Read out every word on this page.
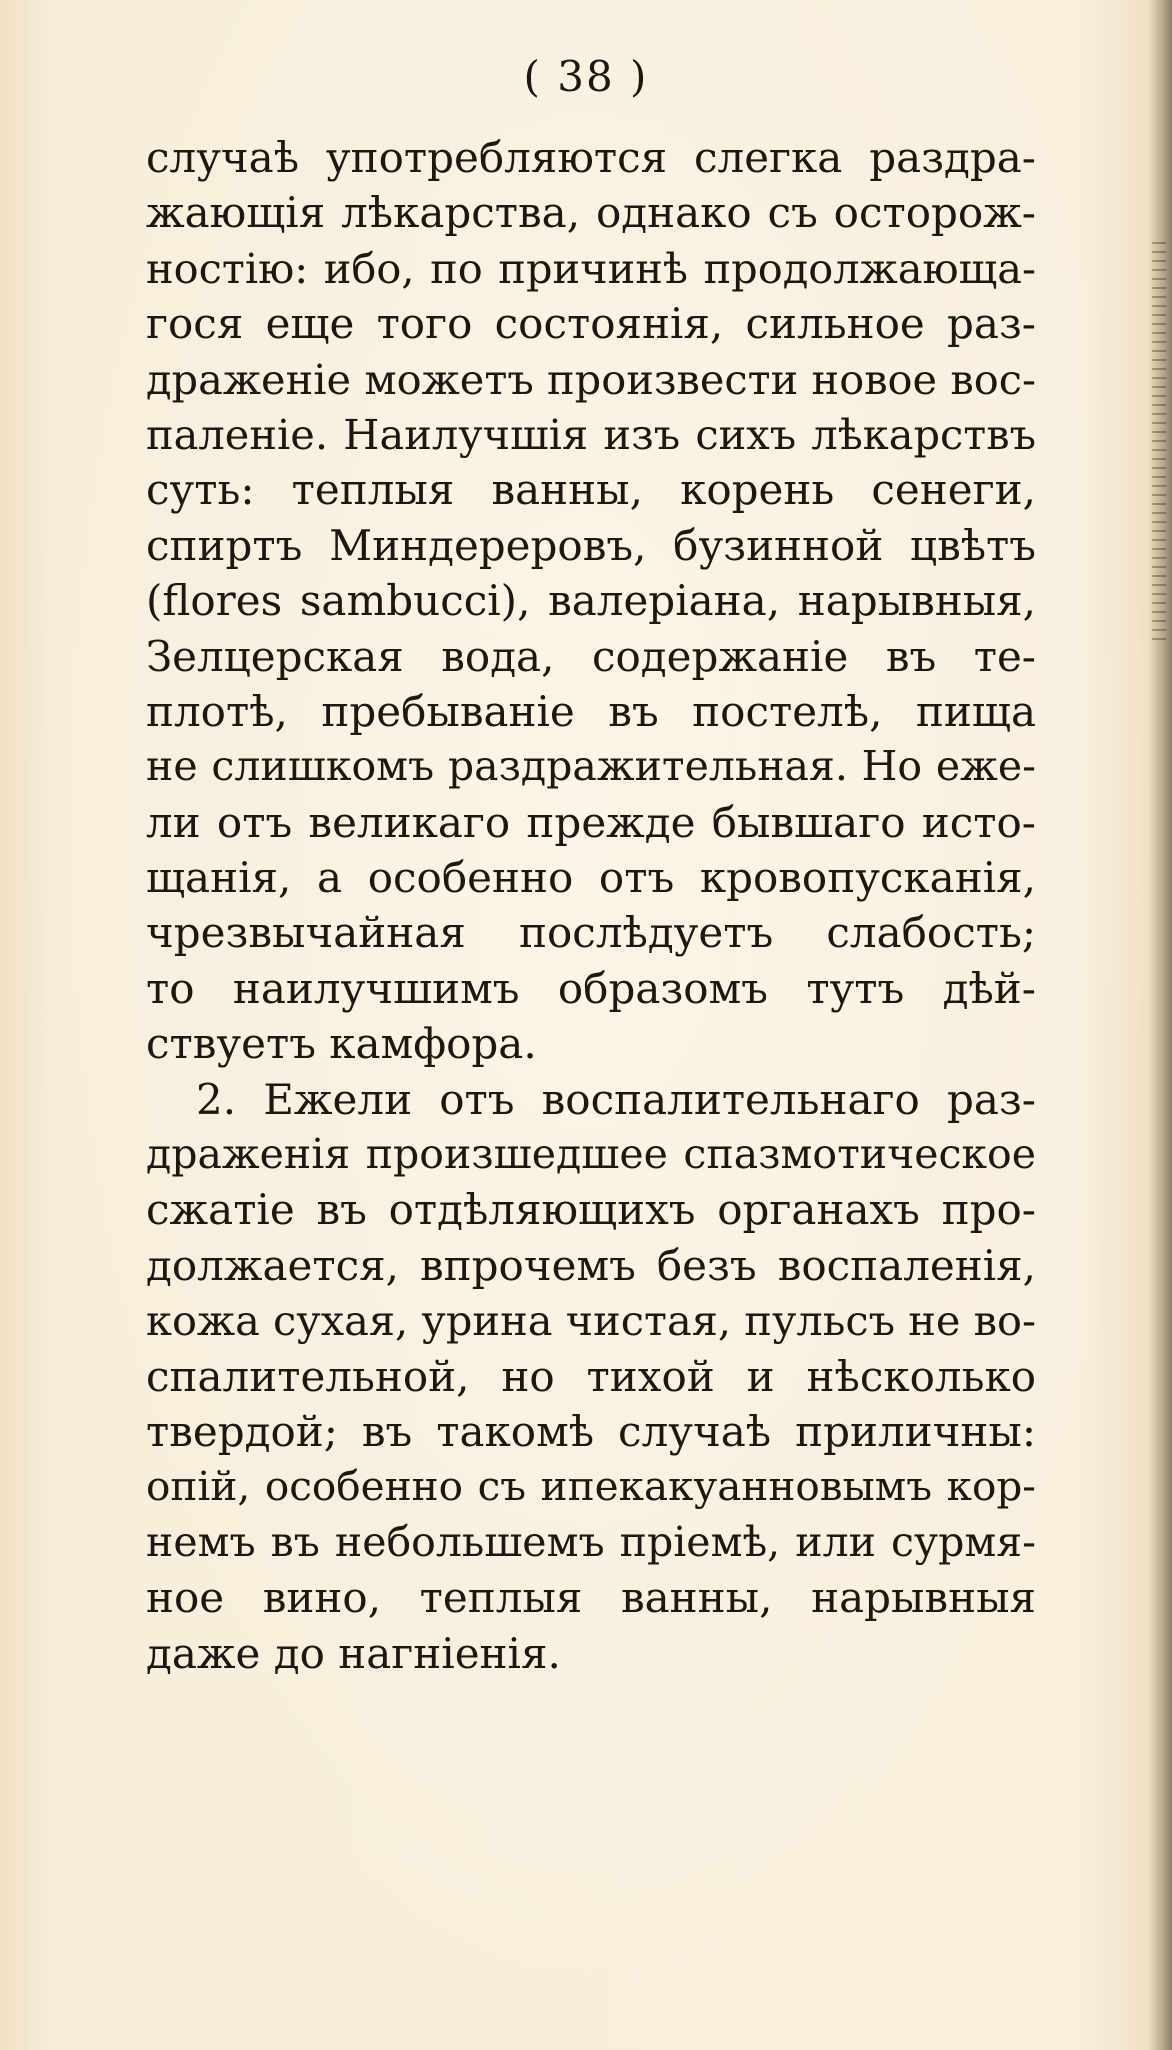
( 38 )
случаѣ употребляются слегка раздра-
жающія лѣкарства, однако съ осторож-
ностію: ибо, по причинѣ продолжающа-
гося еще того состоянія, сильное раз-
драженіе можетъ произвести новое вос-
паленіе. Наилучшія изъ сихъ лѣкарствъ
суть: теплыя ванны, корень сенеги,
спиртъ Миндереровъ, бузинной цвѣтъ
(flores sambucci), валеріана, нарывныя,
Зелцерская вода, содержаніе въ те-
плотѣ, пребываніе въ постелѣ, пища
не слишкомъ раздражительная. Но еже-
ли отъ великаго прежде бывшаго исто-
щанія, а особенно отъ кровопусканія,
чрезвычайная послѣдуетъ слабость;
то наилучшимъ образомъ тутъ дѣй-
ствуетъ камфора.
2. Ежели отъ воспалительнаго раз-
драженія произшедшее спазмотическое
сжатіе въ отдѣляющихъ органахъ про-
должается, впрочемъ безъ воспаленія,
кожа сухая, урина чистая, пульсъ не во-
спалительной, но тихой и нѣсколько
твердой; въ такомѣ случаѣ приличны:
опій, особенно съ ипекакуанновымъ кор-
немъ въ небольшемъ пріемѣ, или сурмя-
ное вино, теплыя ванны, нарывныя
даже до нагніенія.
